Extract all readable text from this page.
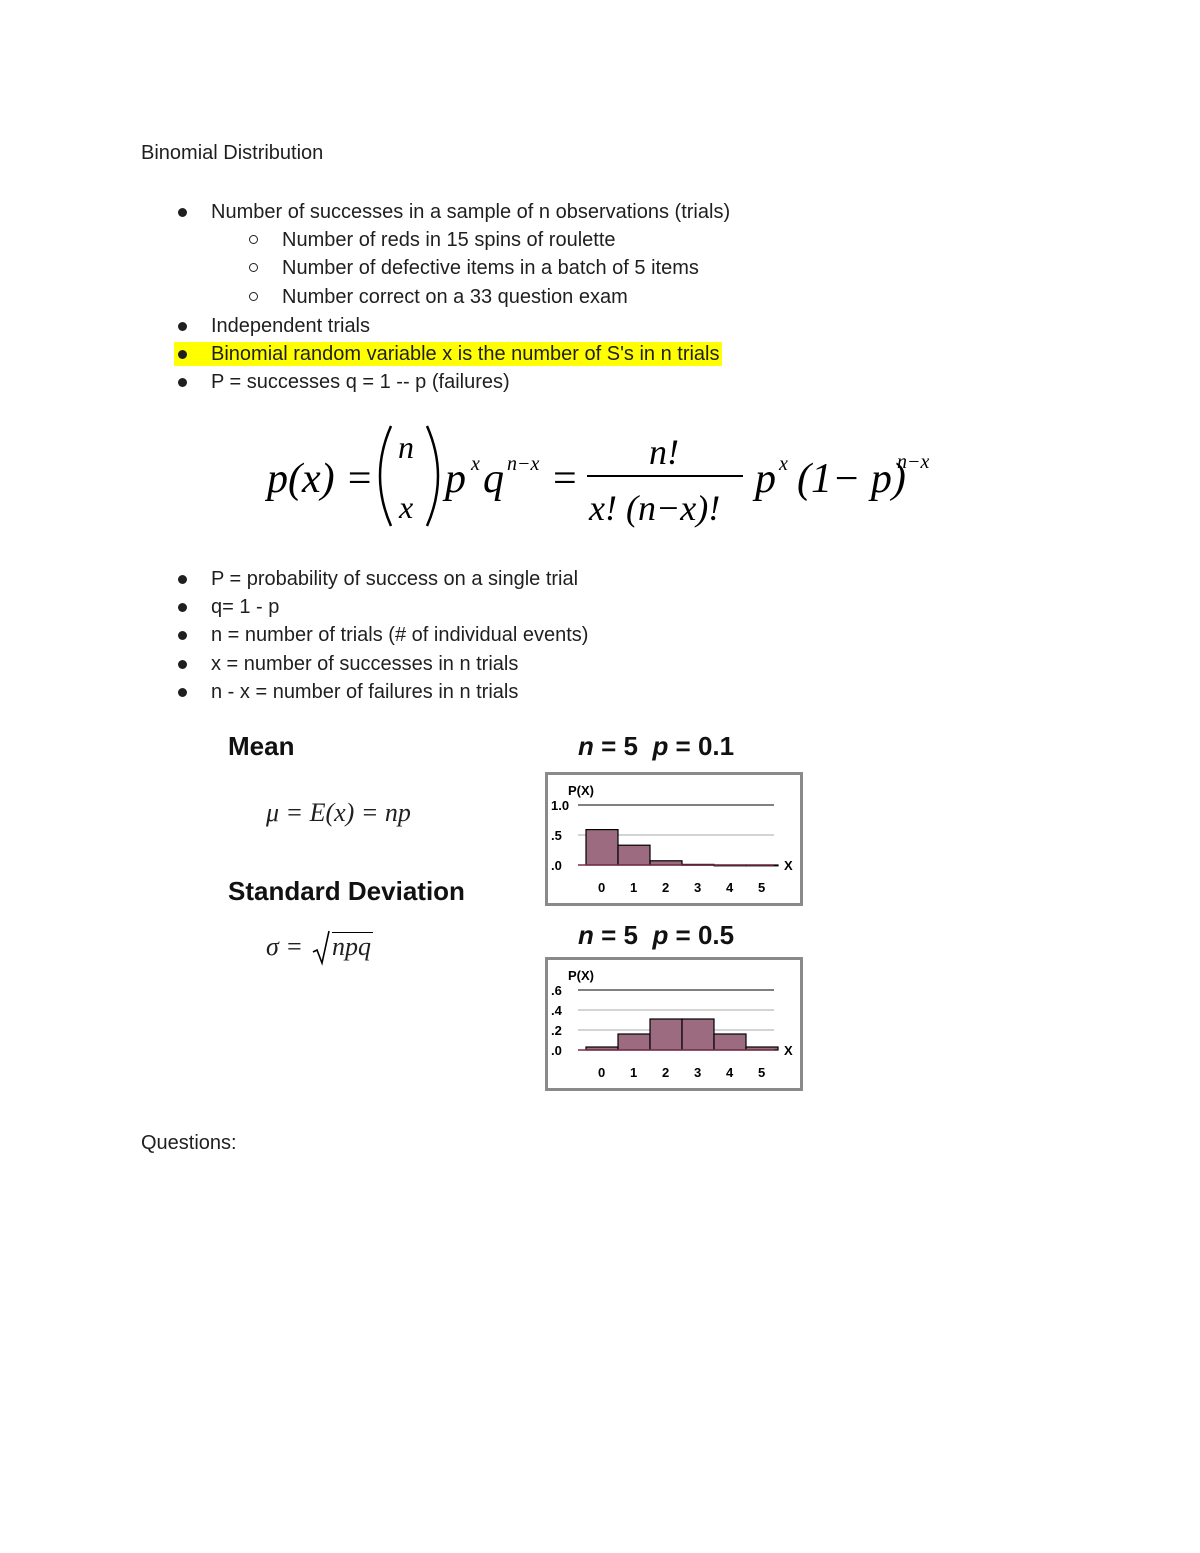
Binomial Distribution
Number of successes in a sample of n observations (trials)
Number of reds in 15 spins of roulette
Number of defective items in a batch of 5 items
Number correct on a 33 question exam
Independent trials
Binomial random variable x is the number of S's in n trials
P = successes q = 1 -- p (failures)
p(x) =
n
x
p x q n−x =
n!
x! (n−x)!
p x (1− p)
n−x
P = probability of success on a single trial
q= 1 - p
n = number of trials (# of individual events)
x = number of successes in n trials
n - x = number of failures in n trials
Mean
μ = E(x) = np
Standard Deviation
σ = npq
n = 5  p = 0.1
P(X)
1.0
.5
.0	X
0 1 2 3 4 5
n = 5  p = 0.5
P(X)
.6
.4
.2
.0	X
0 1 2 3 4 5
Questions:
